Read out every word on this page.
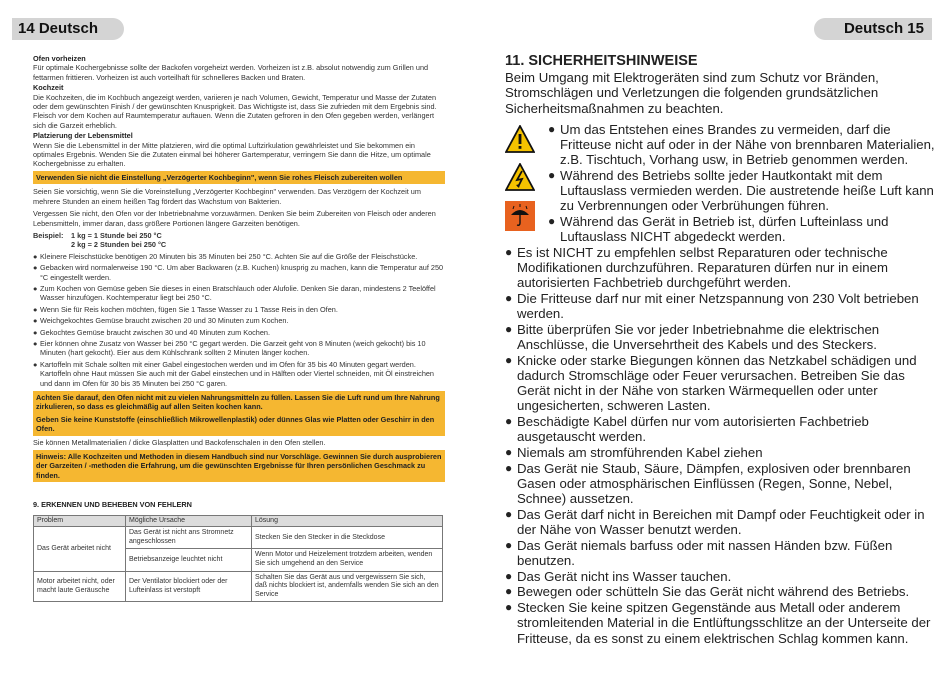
14 Deutsch
Ofen vorheizen

Für optimale Kochergebnisse sollte der Backofen vorgeheizt werden. Vorheizen ist z.B. absolut notwendig zum Grillen und fettarmen frittieren. Vorheizen ist auch vorteilhaft für schnelleres Backen und Braten.

Kochzeit

Die Kochzeiten, die im Kochbuch angezeigt werden, variieren je nach Volumen, Gewicht, Temperatur und Masse der Zutaten oder dem gewünschten Finish / der gewünschten Knusprigkeit. Das Wichtigste ist, dass Sie zufrieden mit dem Ergebnis sind. Fleisch vor dem Kochen auf Raumtemperatur auftauen. Wenn die Zutaten gefroren in den Ofen gegeben werden, verlängert sich die Garzeit erheblich.

Platzierung der Lebensmittel

Wenn Sie die Lebensmittel in der Mitte platzieren, wird die optimal Luftzirkulation gewährleistet und Sie bekommen ein optimales Ergebnis. Wenden Sie die Zutaten einmal bei höherer Gartemperatur, verringern Sie dann die Hitze, um optimale Kochergebnisse zu erhalten.

Verwenden Sie nicht die Einstellung „Verzögerter Kochbeginn", wenn Sie rohes Fleisch zubereiten wollen

Seien Sie vorsichtig, wenn Sie die Voreinstellung „Verzögerter Kochbeginn" verwenden. Das Verzögern der Kochzeit um mehrere Stunden an einem heißen Tag fördert das Wachstum von Bakterien.

Vergessen Sie nicht, den Ofen vor der Inbetriebnahme vorzuwärmen. Denken Sie beim Zubereiten von Fleisch oder anderen Lebensmitteln, immer daran, dass größere Portionen längere Garzeiten benötigen.

Beispiel:	1 kg = 1 Stunde bei 250 °C
2 kg = 2 Stunden bei 250 °C
● Kleinere Fleischstücke benötigen 20 Minuten bis 35 Minuten bei 250 °C. Achten Sie auf die Größe der Fleischstücke.
● Gebacken wird normalerweise 190 °C. Um aber Backwaren (z.B. Kuchen) knusprig zu machen, kann die Temperatur auf 250 °C eingestellt werden.
● Zum Kochen von Gemüse geben Sie dieses in einen Bratschlauch oder Alufolie. Denken Sie daran, mindestens 2 Teelöffel Wasser hinzufügen. Kochtemperatur liegt bei 250 °C.
● Wenn Sie für Reis kochen möchten, fügen Sie 1 Tasse Wasser zu 1 Tasse Reis in den Ofen.
● Weichgekochtes Gemüse braucht zwischen 20 und 30 Minuten zum Kochen.
● Gekochtes Gemüse braucht zwischen 30 und 40 Minuten zum Kochen.
● Eier können ohne Zusatz von Wasser bei 250 °C gegart werden. Die Garzeit geht von 8 Minuten (weich gekocht) bis 10 Minuten (hart gekocht). Eier aus dem Kühlschrank sollten 2 Minuten länger kochen.
● Kartoffeln mit Schale sollten mit einer Gabel eingestochen werden und im Ofen für 35 bis 40 Minuten gegart werden. Kartoffeln ohne Haut müssen Sie auch mit der Gabel einstechen und in Hälften oder Viertel schneiden, mit Öl einstreichen und dann im Ofen für 30 bis 35 Minuten bei 250 °C garen.
Achten Sie darauf, den Ofen nicht mit zu vielen Nahrungsmitteln zu füllen. Lassen Sie die Luft rund um Ihre Nahrung zirkulieren, so dass es gleichmäßig auf allen Seiten kochen kann.
Geben Sie keine Kunststoffe (einschließlich Mikrowellenplastik) oder dünnes Glas wie Platten oder Geschirr in den Ofen.

Sie können Metallmaterialien / dicke Glasplatten und Backofenschalen in den Ofen stellen.

Hinweis: Alle Kochzeiten und Methoden in diesem Handbuch sind nur Vorschläge. Gewinnen Sie durch ausprobieren der Garzeiten / -methoden die Erfahrung, um die gewünschten Ergebnisse für Ihren persönlichen Geschmack zu finden.
9. ERKENNEN UND BEHEBEN VON FEHLERN
Problem	Mögliche Ursache	Lösung
Das Gerät arbeitet nicht	Das Gerät ist nicht ans Stromnetz angeschlossen	Stecken Sie den Stecker in die Steckdose
	Betriebsanzeige leuchtet nicht	Wenn Motor und Heizelement trotzdem arbeiten, wenden Sie sich umgehend an den Service
Motor arbeitet nicht, oder macht laute Geräusche	Der Ventilator blockiert oder der Lufteinlass ist verstopft	Schalten Sie das Gerät aus und vergewissern Sie sich, daß nichts blockiert ist, andernfalls wenden Sie sich an den Service
Deutsch 15
11. SICHERHEITSHINWEISE

Beim Umgang mit Elektrogeräten sind zum Schutz vor Bränden, Stromschlägen und Verletzungen die folgenden grundsätzlichen Sicherheitsmaßnahmen zu beachten.

● Um das Entstehen eines Brandes zu vermeiden, darf die Fritteuse nicht auf oder in der Nähe von brennbaren Materialien, z.B. Tischtuch, Vorhang usw, in Betrieb genommen werden.
● Während des Betriebs sollte jeder Hautkontakt mit dem Luftauslass vermieden werden. Die austretende heiße Luft kann zu Verbrennungen oder Verbrühungen führen.
● Während das Gerät in Betrieb ist, dürfen Lufteinlass und Luftauslass NICHT abgedeckt werden.
● Es ist NICHT zu empfehlen selbst Reparaturen oder technische Modifikationen durchzuführen. Reparaturen dürfen nur in einem autorisierten Fachbetrieb durchgeführt werden.
● Die Fritteuse darf nur mit einer Netzspannung von 230 Volt betrieben werden.
● Bitte überprüfen Sie vor jeder Inbetriebnahme die elektrischen Anschlüsse, die Unversehrtheit des Kabels und des Steckers.
● Knicke oder starke Biegungen können das Netzkabel schädigen und dadurch Stromschläge oder Feuer verursachen. Betreiben Sie das Gerät nicht in der Nähe von starken Wärmequellen oder unter ungesicherten, schweren Lasten.
● Beschädigte Kabel dürfen nur vom autorisierten Fachbetrieb ausgetauscht werden.
● Niemals am stromführenden Kabel ziehen
● Das Gerät nie Staub, Säure, Dämpfen, explosiven oder brennbaren Gasen oder atmosphärischen Einflüssen (Regen, Sonne, Nebel, Schnee) aussetzen.
● Das Gerät darf nicht in Bereichen mit Dampf oder Feuchtigkeit oder in der Nähe von Wasser benutzt werden.
● Das Gerät niemals barfuss oder mit nassen Händen bzw. Füßen benutzen.
● Das Gerät nicht ins Wasser tauchen.
● Bewegen oder schütteln Sie das Gerät nicht während des Betriebs.
● Stecken Sie keine spitzen Gegenstände aus Metall oder anderem stromleitenden Material in die Entlüftungsschlitze an der Unterseite der Fritteuse, da es sonst zu einem elektrischen Schlag kommen kann.
